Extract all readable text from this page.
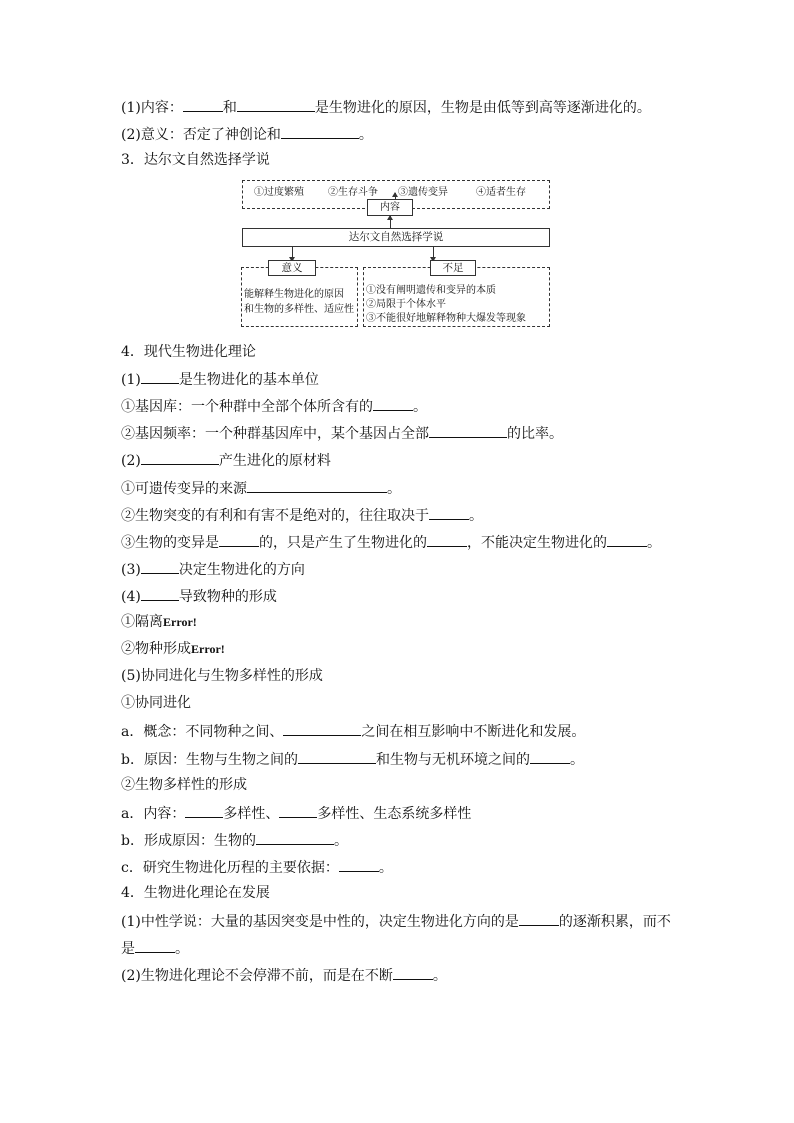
(1)内容：	和	是生物进化的原因，生物是由低等到高等逐渐进化的。
(2)意义：否定了神创论和	。
3．达尔文自然选择学说
①过度繁殖 ②生存斗争 ③遗传变异	④适者生存
内容
达尔文自然选择学说
意义
能解释生物进化的原因
和生物的多样性、适应性
不足
①没有阐明遗传和变异的本质
②局限于个体水平
③不能很好地解释物种大爆发等现象
4．现代生物进化理论
(1)	是生物进化的基本单位
①基因库：一个种群中全部个体所含有的	。
②基因频率：一个种群基因库中，某个基因占全部	的比率。
(2)	产生进化的原材料
①可遗传变异的来源	。
②生物突变的有利和有害不是绝对的，往往取决于	。
③生物的变异是	的，只是产生了生物进化的	，不能决定生物进化的	。
(3)	决定生物进化的方向
(4)	导致物种的形成
①隔离Error!
②物种形成Error!
(5)协同进化与生物多样性的形成
①协同进化
a．概念：不同物种之间、	之间在相互影响中不断进化和发展。
b．原因：生物与生物之间的	和生物与无机环境之间的	。
②生物多样性的形成
a．内容：	多样性、	多样性、生态系统多样性
b．形成原因：生物的	。
c．研究生物进化历程的主要依据：	。
4．生物进化理论在发展
(1)中性学说：大量的基因突变是中性的，决定生物进化方向的是	的逐渐积累，而不
是	。
(2)生物进化理论不会停滞不前，而是在不断	。
